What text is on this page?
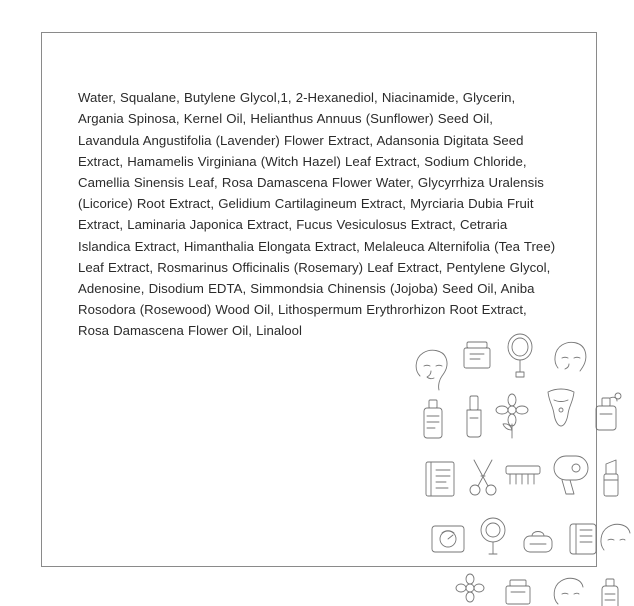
Water, Squalane, Butylene Glycol,1, 2-Hexanediol, Niacinamide, Glycerin, Argania Spinosa, Kernel Oil, Helianthus Annuus (Sunflower) Seed Oil, Lavandula Angustifolia (Lavender) Flower Extract, Adansonia Digitata Seed Extract, Hamamelis Virginiana (Witch Hazel) Leaf Extract, Sodium Chloride, Camellia Sinensis Leaf, Rosa Damascena Flower Water, Glycyrrhiza Uralensis (Licorice) Root Extract, Gelidium Cartilagineum Extract, Myrciaria Dubia Fruit Extract, Laminaria Japonica Extract, Fucus Vesiculosus Extract, Cetraria Islandica Extract, Himanthalia Elongata Extract, Melaleuca Alternifolia (Tea Tree) Leaf Extract, Rosmarinus Officinalis (Rosemary) Leaf Extract, Pentylene Glycol, Adenosine, Disodium EDTA, Simmondsia Chinensis (Jojoba) Seed Oil, Aniba Rosodora (Rosewood) Wood Oil, Lithospermum Erythrorhizon Root Extract, Rosa Damascena Flower Oil, Linalool
